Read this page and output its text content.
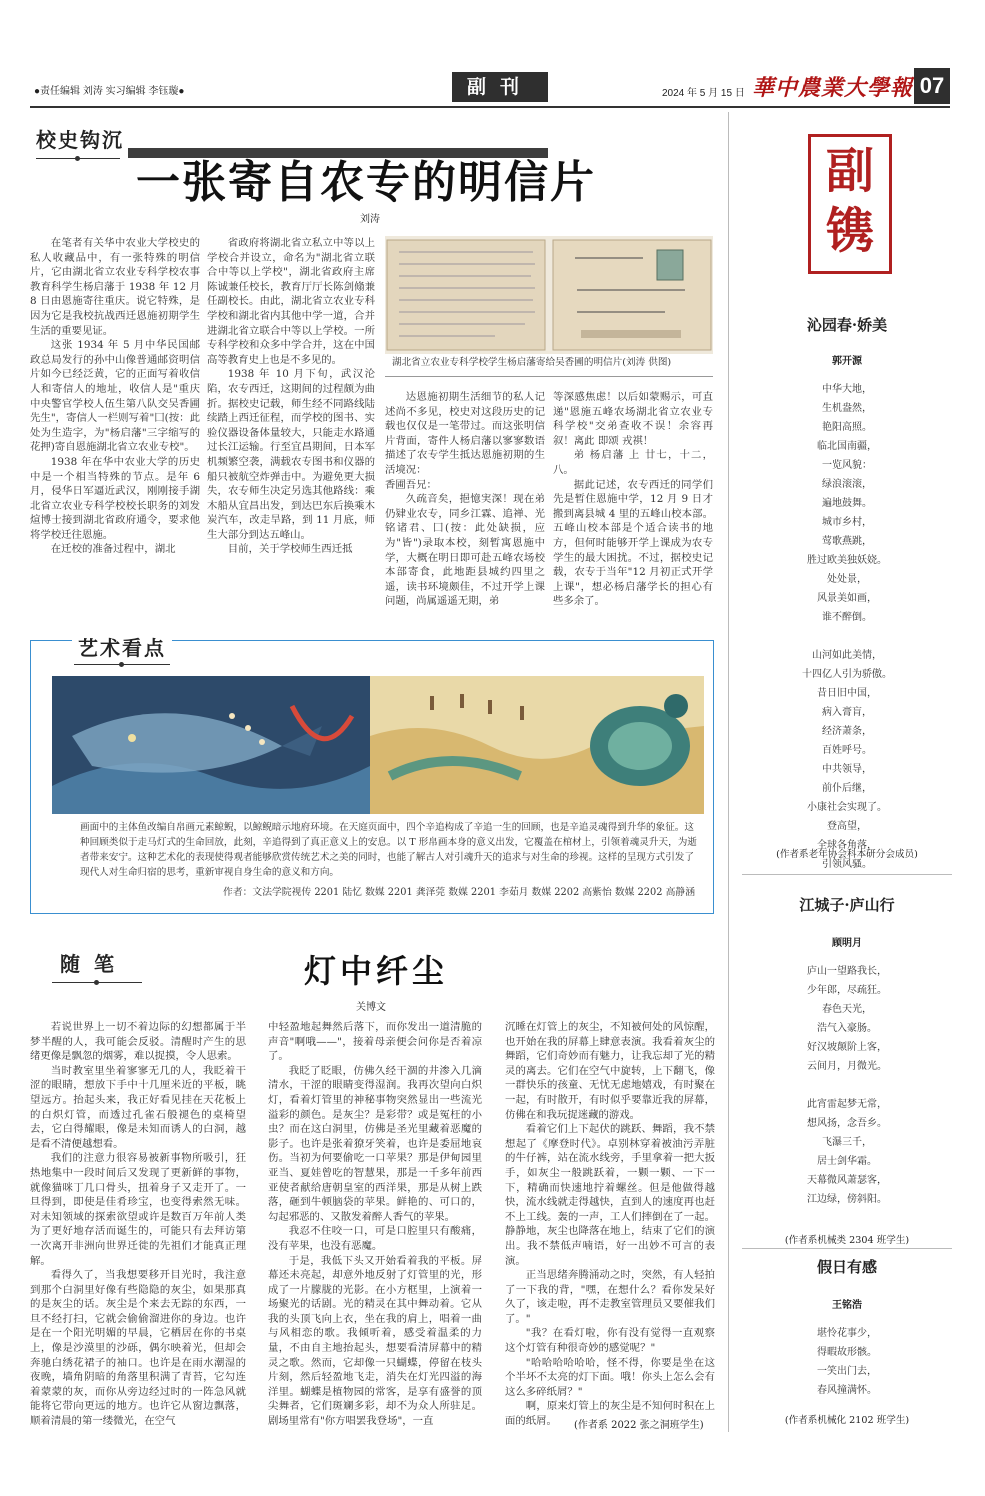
●责任编辑 刘涛 实习编辑 李钰璇●	副刊	2024 年 5 月 15 日 華中農業大學報 07
校史钩沉
一张寄自农专的明信片
刘涛

在笔者有关华中农业大学校史的私人收藏品中，有一张特殊的明信片，它由湖北省立农业专科学校农事教育科学生杨启藩于 1938 年 12 月 8 日由恩施寄往重庆。说它特殊，是因为它是我校抗战西迁恩施初期学生生活的重要见证。

这张 1934 年 5 月中华民国邮政总局发行的孙中山像普通邮资明信片如今已经泛黄，它的正面写着收信人和寄信人的地址，收信人是"重庆中央警官学校人伍生第八队交吴香圃先生"，寄信人一栏则写着"囗(按：此处为生造字，为"杨启藩"三字缩写的花押)寄自恩施湖北省立农业专校"。

1938 年在华中农业大学的历史中是一个相当特殊的节点。是年 6 月，侵华日军逼近武汉，刚刚接手湖北省立农业专科学校校长职务的刘发煊博士接到湖北省政府通令，要求他将学校迁往恩施。

在迁校的准备过程中，湖北

省政府将湖北省立私立中等以上学校合并设立，命名为"湖北省立联合中等以上学校"，湖北省政府主席陈诚兼任校长，教育厅厅长陈剑翛兼任副校长。由此，湖北省立农业专科学校和湖北省内其他中学一道，合并进湖北省立联合中等以上学校。一所专科学校和众多中学合并，这在中国高等教育史上也是不多见的。

1938 年 10 月下旬，武汉沦陷，农专西迁，这期间的过程颇为曲折。据校史记载，师生经不同路线陆续踏上西迁征程，而学校的图书、实验仪器设备体量较大，只能走水路通过长江运输。行至宜昌期间，日本军机频繁空袭，满载农专图书和仪器的船只被航空炸弹击中。为避免更大损失，农专师生决定另选其他路线：乘木船从宜昌出发，到达巴东后换乘木炭汽车，改走旱路，到 11 月底，师生大部分到达五峰山。

目前，关于学校师生西迁抵

湖北省立农业专科学校学生杨启藩寄给吴香圃的明信片(刘涛 供图)

达恩施初期生活细节的私人记述尚不多见，校史对这段历史的记载也仅仅是一笔带过。而这张明信片背面，寄件人杨启藩以寥寥数语描述了农专学生抵达恩施初期的生活境况：

香圃吾兄：

久疏音矣，挹憶実深！现在弟仍肄业农专，同乡江霖、追禅、光铭诸君、囗(按：此处缺损，应为"皆")录取本校，刻暂寓恩施中学，大概在明日即可赴五峰农场校本部寄食，此地距县城约四里之遥，读书环境颇佳，不过开学上课问题，尚属遥遥无期，弟

等深感焦虑！以后如蒙赐示，可直递"恩施五峰农场湖北省立农业专科学校"交弟查收不误！余容再叙！离此 即颂 戎祺！

弟 杨启藩 上 廿七，十二，八。

据此记述，农专西迁的同学们先是暂住恩施中学，12 月 9 日才搬到离县城 4 里的五峰山校本部。五峰山校本部是个适合读书的地方，但何时能够开学上课成为农专学生的最大困扰。不过，据校史记载，农专于当年"12 月初正式开学上课"，想必杨启藩学长的担心有些多余了。

艺术看点
画面中的主体鱼改编自帛画元素鲸鲵，以鲸鲵暗示地府环境。在天庭页面中，四个辛追构成了辛追一生的回顾，也是辛追灵魂得到升华的象征。这种回顾类似于走马灯式的生命回放，此刻，辛追得到了真正意义上的安息。以 T 形帛画本身的意义出发，它覆盖在棺材上，引领着魂灵升天，为逝者带来安宁。这种艺术化的表现使得观者能够欣赏传统艺术之美的同时，也能了解古人对引魂升天的追求与对生命的珍视。这样的呈现方式引发了现代人对生命归宿的思考，重新审视自身生命的意义和方向。
作者：文法学院视传 2201 陆忆 数媒 2201 龚泽莞 数媒 2201 李茹月 数媒 2202 高紫怡 数媒 2202 高静涵
随笔	灯中纤尘
关博文

若说世界上一切不着边际的幻想都属于半梦半醒的人，我可能会反驳。清醒时产生的思绪更像是飘忽的烟雾，难以捉摸，令人思索。

当时教室里坐着寥寥无几的人，我眨着干涩的眼睛，想放下手中十几厘米近的平板，眺望远方。抬起头来，我正好看见挂在天花板上的白炽灯管，而透过孔雀石般褪色的桌椅望去，它白得耀眼，像是未知而诱人的白洞，越是看不清便越想看。

我们的注意力很容易被新事物所吸引，狂热地集中一段时间后又发现了更新鲜的事物，就像猫咪丁几口骨头，扭着身子又走开了。一旦得到，即使是佳肴珍宝，也变得索然无味。对未知领域的探索欲望或许是数百万年前人类为了更好地存活而诞生的，可能只有去拜访第一次离开非洲向世界迁徙的先祖们才能真正理解。

看得久了，当我想要移开目光时，我注意到那个白洞里好像有些隐隐的灰尘，如果那真的是灰尘的话。灰尘是个来去无踪的东西，一旦不经打扫，它就会偷偷溜进你的身边。也许是在一个阳光明媚的早晨，它栖居在你的书桌上，像是沙漠里的沙砾，偶尔映着光，但却会奔驰白绣花裙子的袖口。也许是在雨水潮湿的夜晚，墙角阴暗的角落里积满了青苔，它勾连着蒙蒙的灰，而你从旁边经过时的一阵急风就能将它带向更远的地方。也许它从窗边飘落，顺着清晨的第一缕微光，在空气

中轻盈地起舞然后落下，而你发出一道清脆的声音"啊哦——"，接着母亲便会问你是否着凉了。

我眨了眨眼，仿佛久经干涸的井渗入几滴清水，干涩的眼睛变得湿润。我再次望向白炽灯，看着灯管里的神秘事物突然显出一些流光溢彩的颜色。是灰尘？是彩带？或是冤枉的小虫？而在这白洞里，仿佛是圣光里藏着恶魔的影子。也许是张着獠牙笑着，也许是委屈地哀伤。当初为何要偷吃一口苹果？那是伊甸园里亚当、夏娃曾吃的智慧果，那是一千多年前西亚使者献给唐朝皇室的西洋果，那是从树上跌落，砸到牛顿脑袋的苹果。鲜艳的、可口的，勾起邪恶的、又散发着醉人香气的苹果。

我忍不住咬一口，可是口腔里只有酸痛，没有苹果，也没有恶魔。

于是，我低下头又开始看着我的平板。屏幕还未亮起，却意外地反射了灯管里的光，形成了一片朦胧的光影。在小方框里，上演着一场聚光的话剧。光的精灵在其中舞动着。它从我的头顶飞向上衣，坐在我的肩上，唱着一曲与风相恋的歌。我倾听着，感受着温柔的力量，不由自主地抬起头，想要看清屏幕中的精灵之歌。然而，它却像一只蝴蝶，停留在枝头片刻，然后轻盈地飞走，消失在灯光四溢的海洋里。蝴蝶是植物园的常客，是享有盛誉的顶尖舞者，它们斑斓多彩，却不为众人所驻足。剧场里常有"你方唱罢我登场"，一直

沉睡在灯管上的灰尘，不知被何处的风惊醒，也开始在我的屏幕上肆意表演。我看着灰尘的舞蹈，它们奇妙而有魅力，让我忘却了光的精灵的离去。它们在空气中旋转，上下翻飞，像一群快乐的孩童、无忧无虑地嬉戏，有时聚在一起，有时散开，有时似乎要靠近我的屏幕，仿佛在和我玩捉迷藏的游戏。

看着它们上下起伏的跳跃、舞蹈，我不禁想起了《摩登时代》。卓别林穿着被油污弄脏的牛仔裤，站在流水线旁，手里拿着一把大扳手，如灰尘一般跳跃着，一颗一颗、一下一下，精确而快速地拧着螺丝。但是他做得越快，流水线就走得越快，直到人的速度再也赶不上工线。轰的一声，工人们摔倒在了一起。静静地，灰尘也降落在地上，结束了它们的演出。我不禁低声喃语，好一出妙不可言的表演。

正当思绪奔腾涌动之时，突然，有人轻拍了一下我的背，"嘿，在想什么？看你发呆好久了，该走啦，再不走教室管理员又要催我们了。"

"我？在看灯啦，你有没有觉得一直观察这个灯管有种很奇妙的感觉呢？"

"哈哈哈哈哈哈，怪不得，你要是坐在这个半坏不太亮的灯下面。哦！你头上怎么会有这么多碎纸屑？"

啊，原来灯管上的灰尘是不知何时积在上面的纸屑。	(作者系 2022 张之洞班学生)
副镌
沁园春·娇美
郭开源
中华大地，
生机盎然，
艳阳高照。
临北国南疆，
一览风貌：
绿浪滚滚，
遍地鼓舞。
城市乡村，
莺歌燕跳，
胜过欧美独妖娆。
处处景，
风景美如画，
谁不醉倒。
山河如此美情，
十四亿人引为骄傲。
昔日旧中国，
病入膏肓，
经济萧条，
百姓呼号。
中共领导，
前仆后继，
小康社会实现了。
登高望，
全球各角落，
引领风骚。
(作者系老年协会科本研分会成员)
江城子·庐山行
顾明月
庐山一望路我长，
少年郎，尽疏狂。
春色天光，
浩气入豪肠。
好汉坡颠阶上客，
云间月，月微光。
此宵雷起梦无常，
想风扬，念吾乡。
飞瀑三千，
居士剑华霜。
天幕微风萧瑟客，
江边绿，傍斜阳。
(作者系机械类 2304 班学生)
假日有感
王铭浩
堪怜花事少，
得暇故形骸。
一笑出门去，
春风撞满怀。
(作者系机械化 2102 班学生)
